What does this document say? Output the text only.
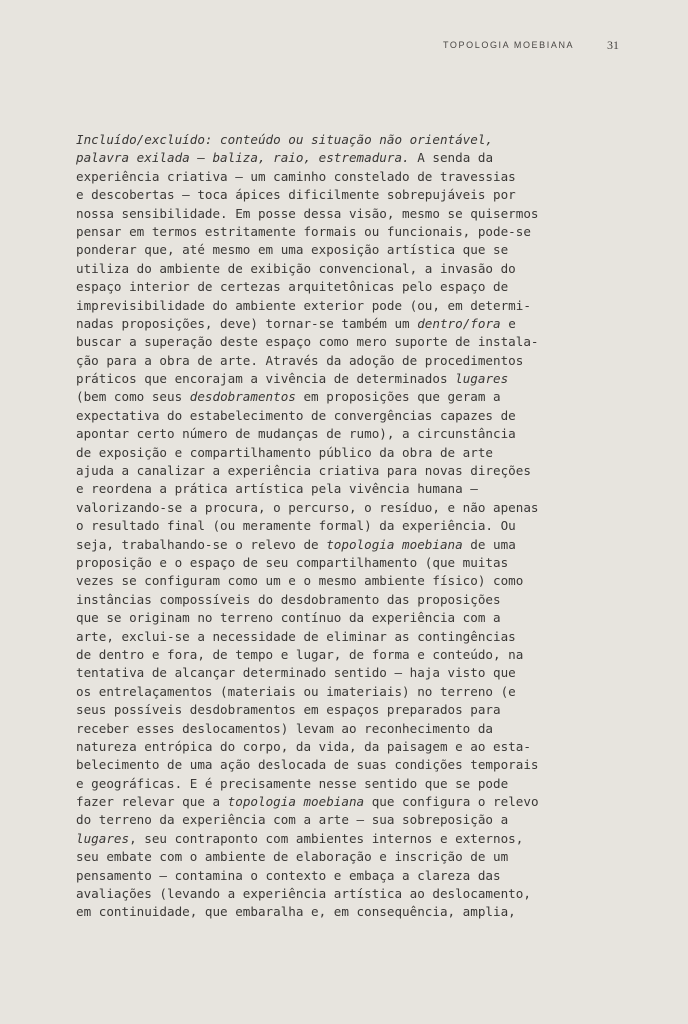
TOPOLOGIA MOEBIANA	31
Incluído/excluído: conteúdo ou situação não orientável,
palavra exilada – baliza, raio, estremadura. A senda da
experiência criativa – um caminho constelado de travessias
e descobertas – toca ápices dificilmente sobrepujáveis por
nossa sensibilidade. Em posse dessa visão, mesmo se quisermos
pensar em termos estritamente formais ou funcionais, pode-se
ponderar que, até mesmo em uma exposição artística que se
utiliza do ambiente de exibição convencional, a invasão do
espaço interior de certezas arquitetônicas pelo espaço de
imprevisibilidade do ambiente exterior pode (ou, em determi-
nadas proposições, deve) tornar-se também um dentro/fora e
buscar a superação deste espaço como mero suporte de instala-
ção para a obra de arte. Através da adoção de procedimentos
práticos que encorajam a vivência de determinados lugares
(bem como seus desdobramentos em proposições que geram a
expectativa do estabelecimento de convergências capazes de
apontar certo número de mudanças de rumo), a circunstância
de exposição e compartilhamento público da obra de arte
ajuda a canalizar a experiência criativa para novas direções
e reordena a prática artística pela vivência humana –
valorizando-se a procura, o percurso, o resíduo, e não apenas
o resultado final (ou meramente formal) da experiência. Ou
seja, trabalhando-se o relevo de topologia moebiana de uma
proposição e o espaço de seu compartilhamento (que muitas
vezes se configuram como um e o mesmo ambiente físico) como
instâncias compossíveis do desdobramento das proposições
que se originam no terreno contínuo da experiência com a
arte, exclui-se a necessidade de eliminar as contingências
de dentro e fora, de tempo e lugar, de forma e conteúdo, na
tentativa de alcançar determinado sentido – haja visto que
os entrelaçamentos (materiais ou imateriais) no terreno (e
seus possíveis desdobramentos em espaços preparados para
receber esses deslocamentos) levam ao reconhecimento da
natureza entrópica do corpo, da vida, da paisagem e ao esta-
belecimento de uma ação deslocada de suas condições temporais
e geográficas. E é precisamente nesse sentido que se pode
fazer relevar que a topologia moebiana que configura o relevo
do terreno da experiência com a arte – sua sobreposição a
lugares, seu contraponto com ambientes internos e externos,
seu embate com o ambiente de elaboração e inscrição de um
pensamento – contamina o contexto e embaça a clareza das
avaliações (levando a experiência artística ao deslocamento,
em continuidade, que embaralha e, em consequência, amplia,
